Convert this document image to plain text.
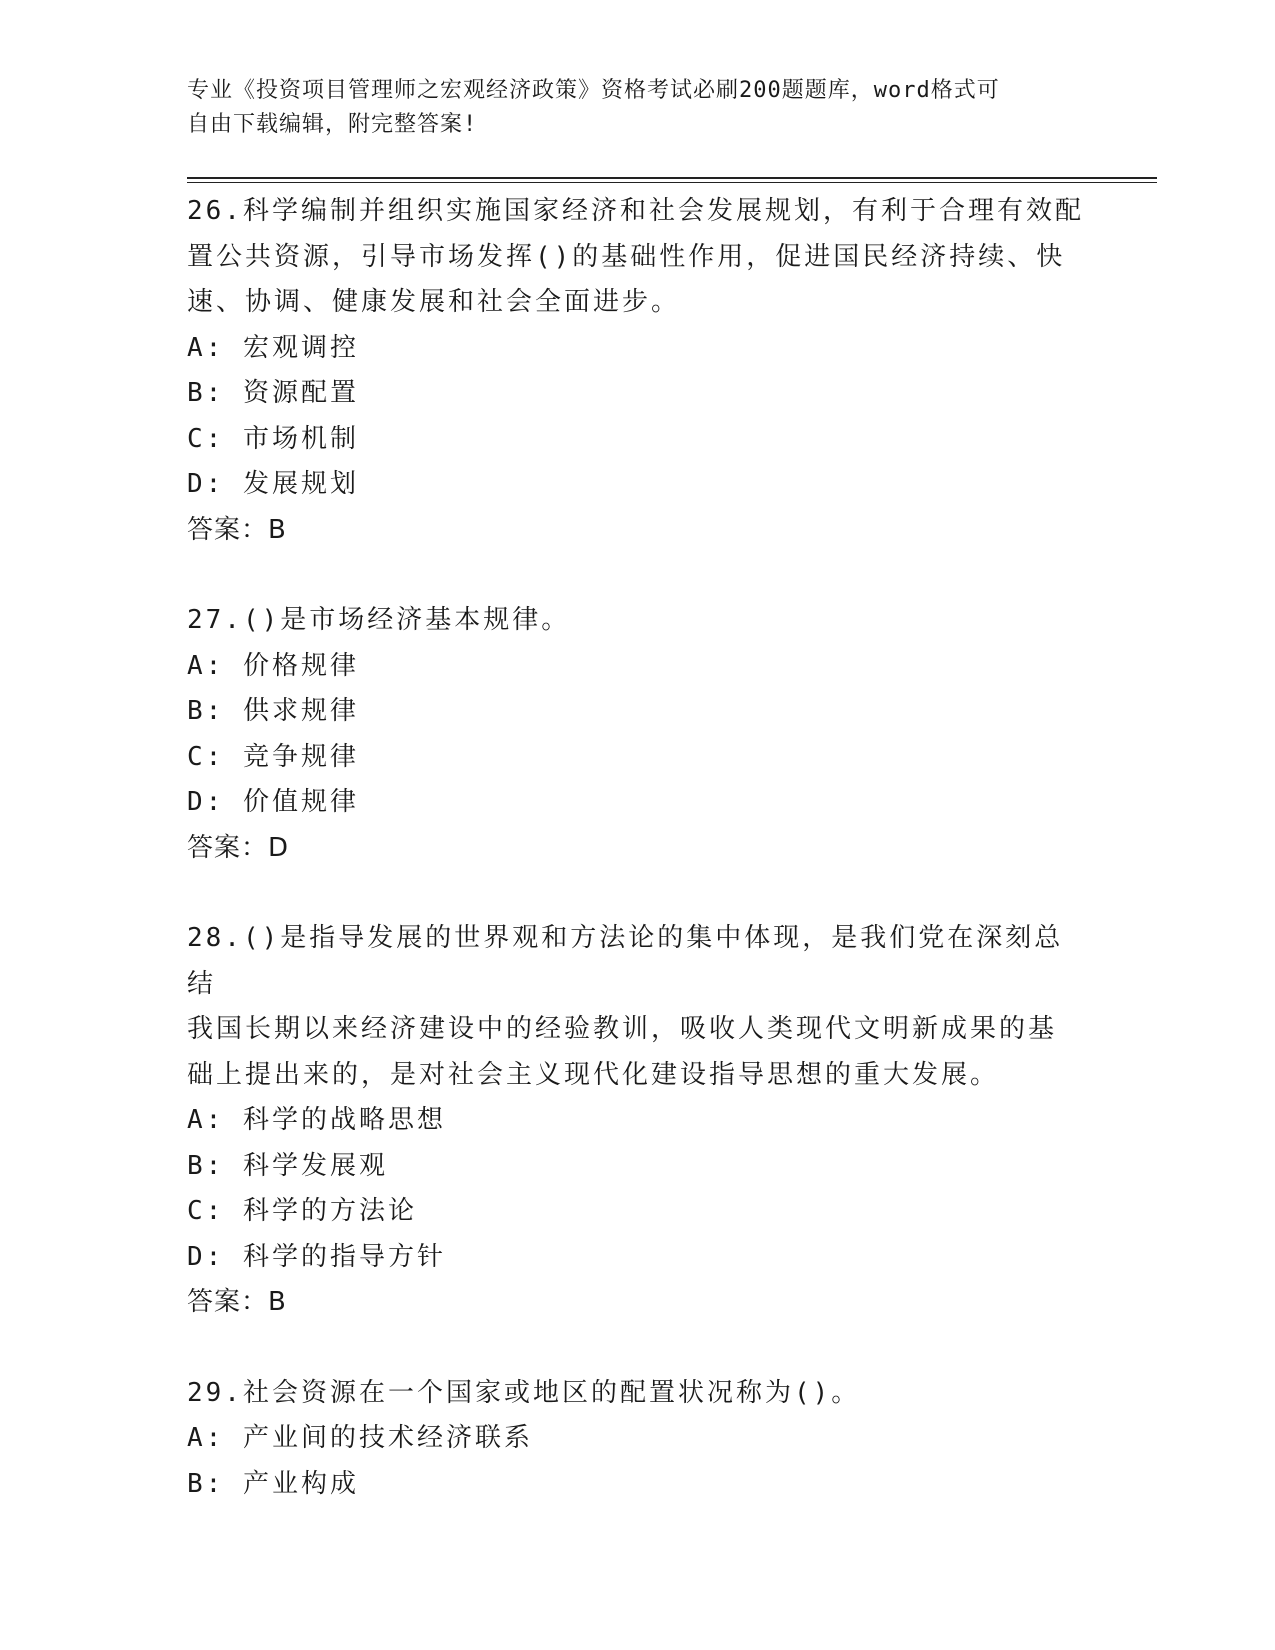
专业《投资项目管理师之宏观经济政策》资格考试必刷200题题库，word格式可
自由下载编辑，附完整答案!

26.科学编制并组织实施国家经济和社会发展规划，有利于合理有效配
置公共资源，引导市场发挥()的基础性作用，促进国民经济持续、快
速、协调、健康发展和社会全面进步。

A: 宏观调控

B: 资源配置

C: 市场机制

D: 发展规划

答案：B

27.()是市场经济基本规律。

A: 价格规律

B: 供求规律

C: 竞争规律

D: 价值规律

答案：D

28.()是指导发展的世界观和方法论的集中体现，是我们党在深刻总结
我国长期以来经济建设中的经验教训，吸收人类现代文明新成果的基
础上提出来的，是对社会主义现代化建设指导思想的重大发展。

A: 科学的战略思想

B: 科学发展观

C: 科学的方法论

D: 科学的指导方针

答案：B

29.社会资源在一个国家或地区的配置状况称为()。

A: 产业间的技术经济联系

B: 产业构成
